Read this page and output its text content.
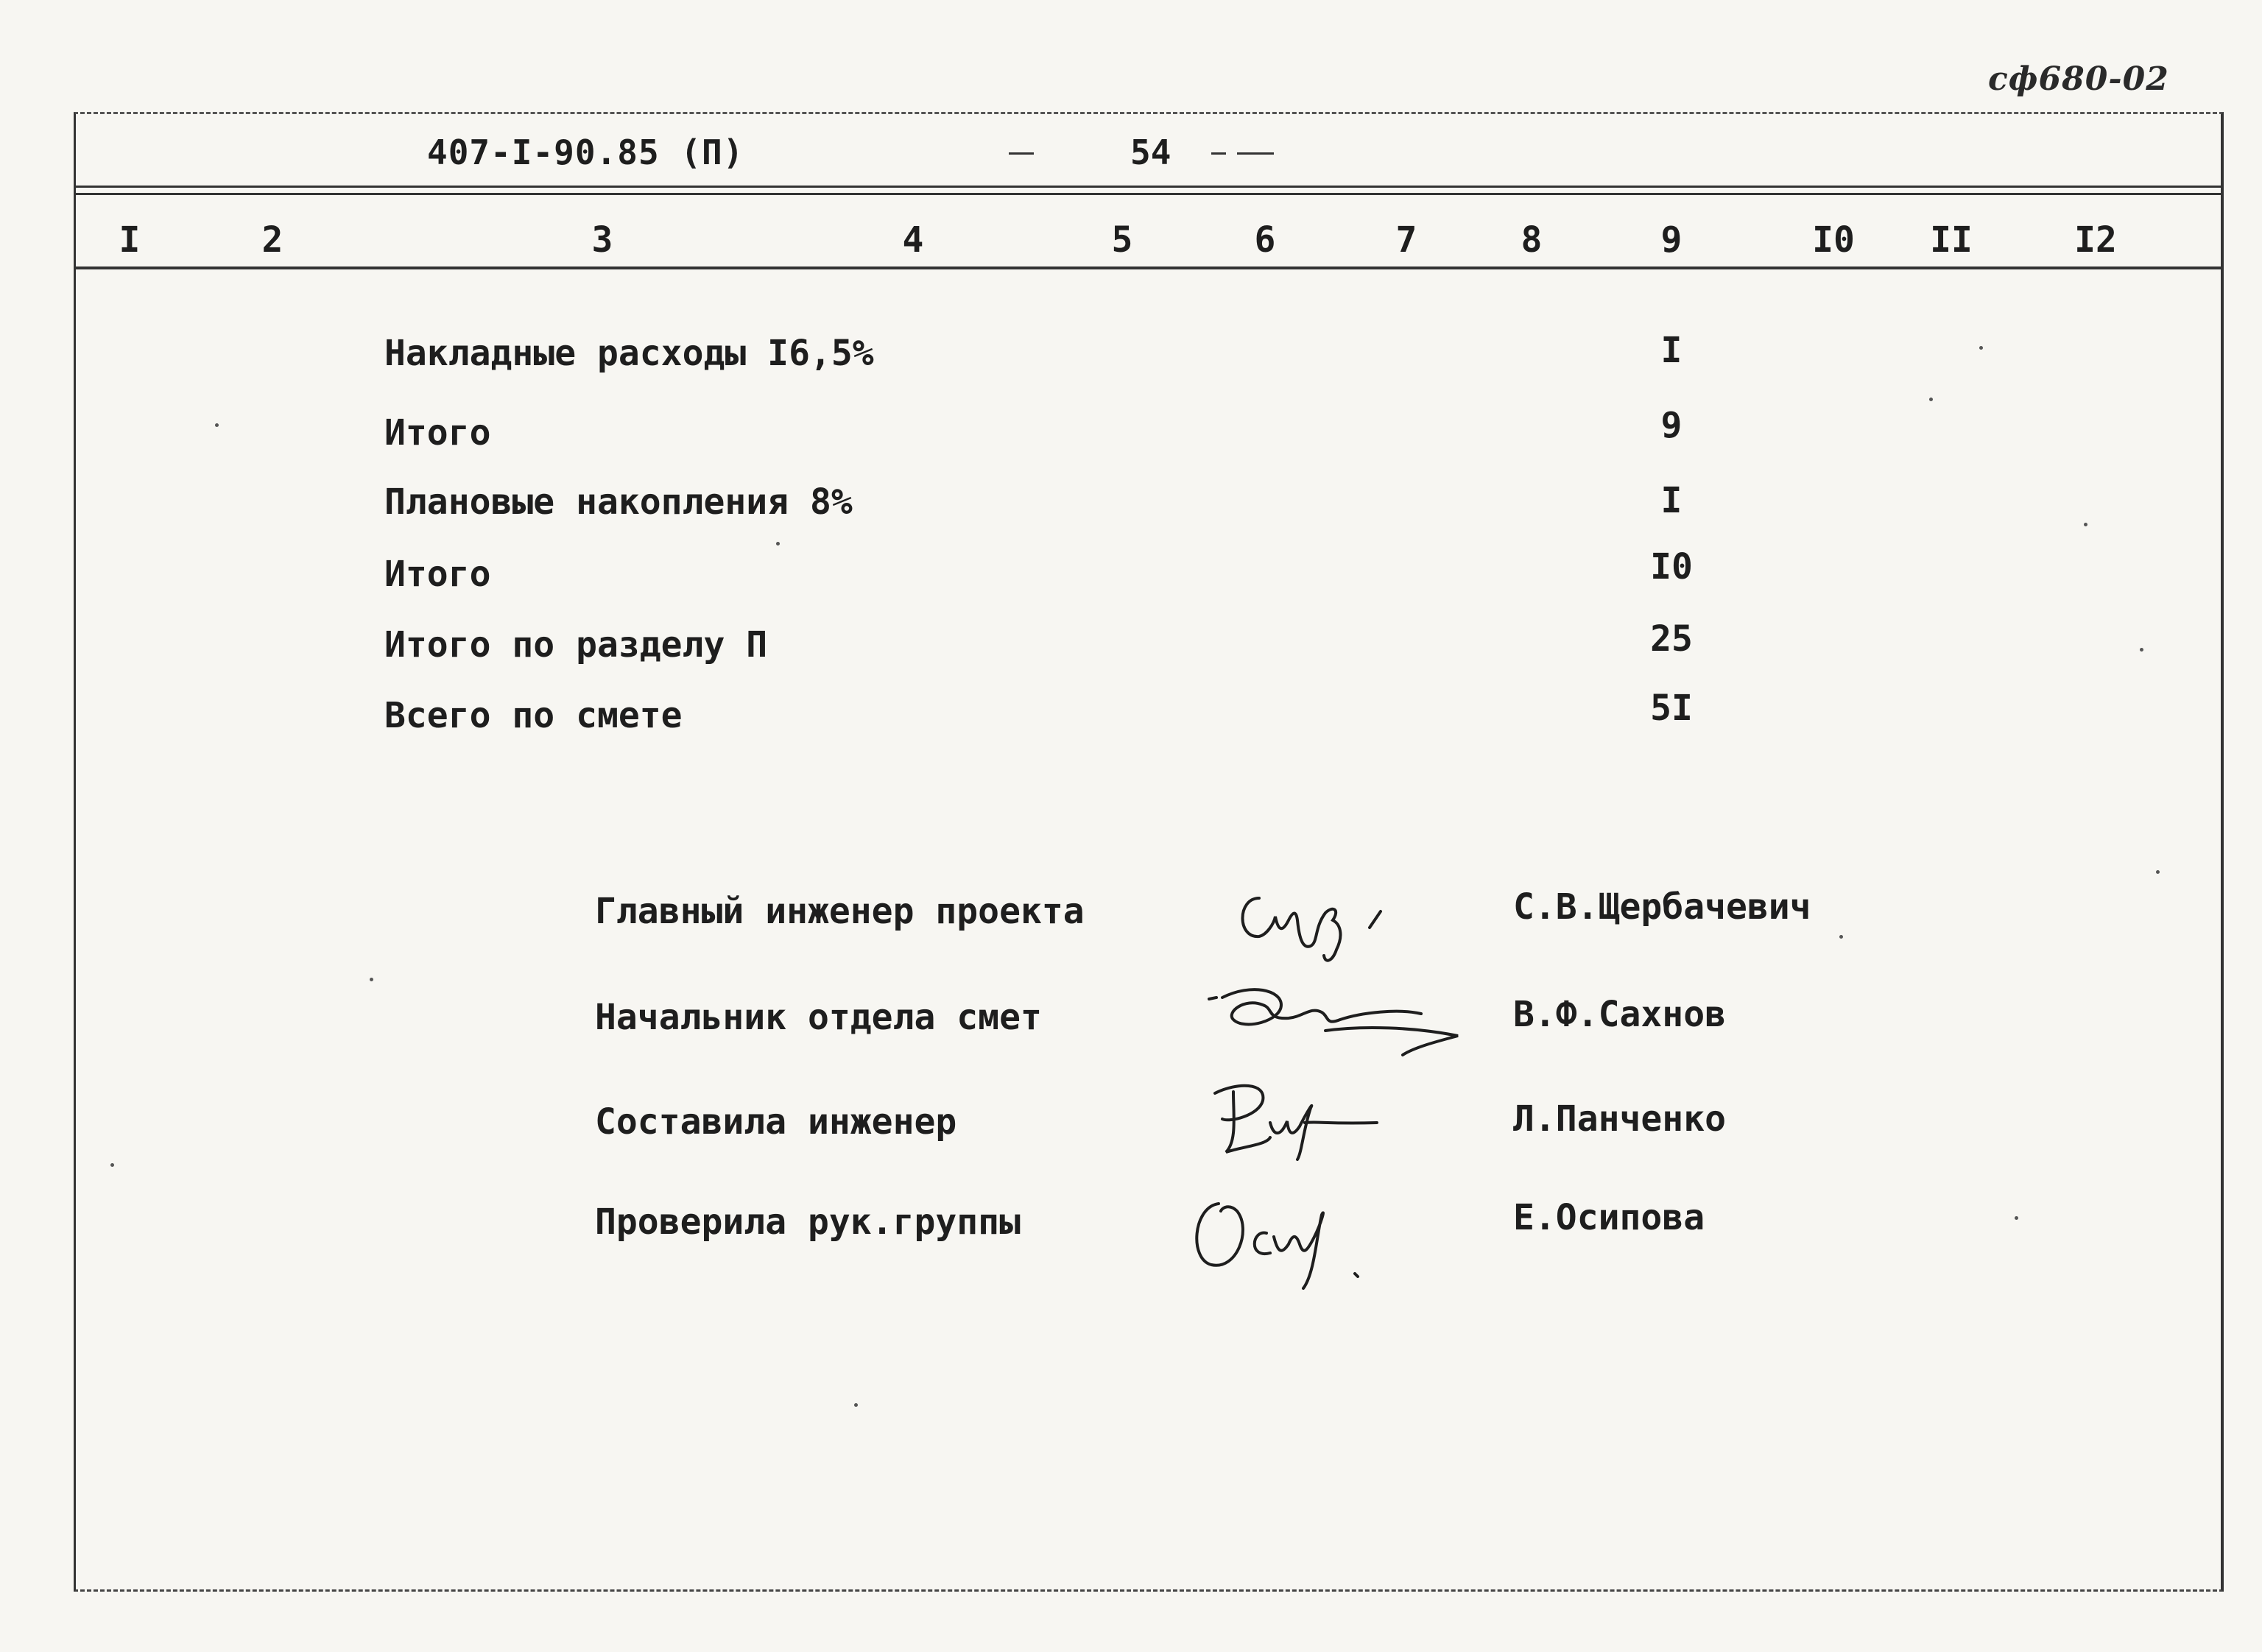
сф680-02
407-I-90.85 (П)	54
I	2	3	4	5	6	7	8	9	I0	II	I2
Накладные расходы I6,5%	I
Итого	9
Плановые накопления 8%	I
Итого	I0
Итого по разделу П	25
Всего по смете	5I
Главный инженер проекта	С.В.Щербачевич
Начальник отдела смет	В.Ф.Сахнов
Составила инженер	Л.Панченко
Проверила рук.группы	Е.Осипова
